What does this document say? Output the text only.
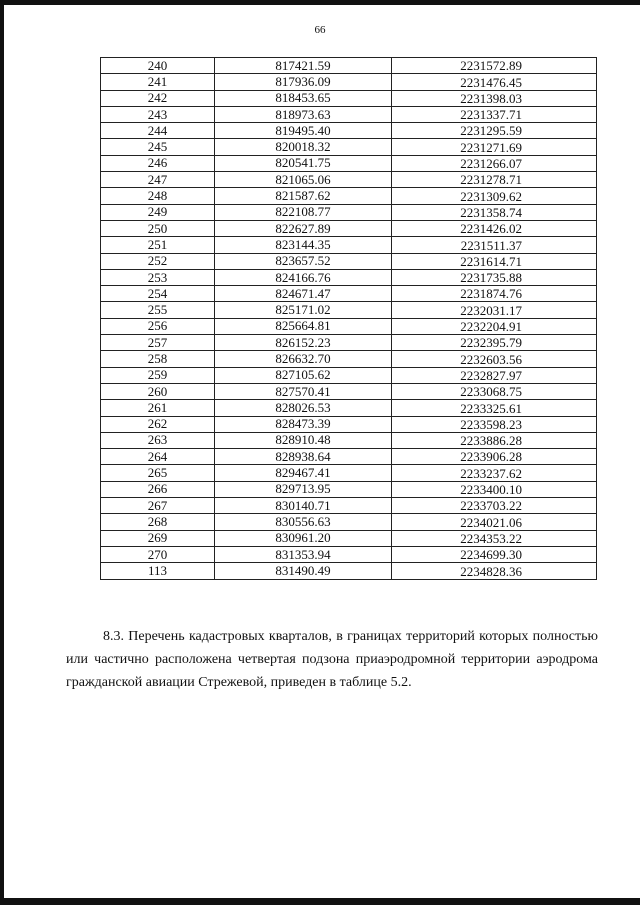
66
240	817421.59	2231572.89
241	817936.09	2231476.45
242	818453.65	2231398.03
243	818973.63	2231337.71
244	819495.40	2231295.59
245	820018.32	2231271.69
246	820541.75	2231266.07
247	821065.06	2231278.71
248	821587.62	2231309.62
249	822108.77	2231358.74
250	822627.89	2231426.02
251	823144.35	2231511.37
252	823657.52	2231614.71
253	824166.76	2231735.88
254	824671.47	2231874.76
255	825171.02	2232031.17
256	825664.81	2232204.91
257	826152.23	2232395.79
258	826632.70	2232603.56
259	827105.62	2232827.97
260	827570.41	2233068.75
261	828026.53	2233325.61
262	828473.39	2233598.23
263	828910.48	2233886.28
264	828938.64	2233906.28
265	829467.41	2233237.62
266	829713.95	2233400.10
267	830140.71	2233703.22
268	830556.63	2234021.06
269	830961.20	2234353.22
270	831353.94	2234699.30
113	831490.49	2234828.36

8.3. Перечень кадастровых кварталов, в границах территорий которых полностью или частично расположена четвертая подзона приаэродромной территории аэродрома гражданской авиации Стрежевой, приведен в таблице 5.2.
